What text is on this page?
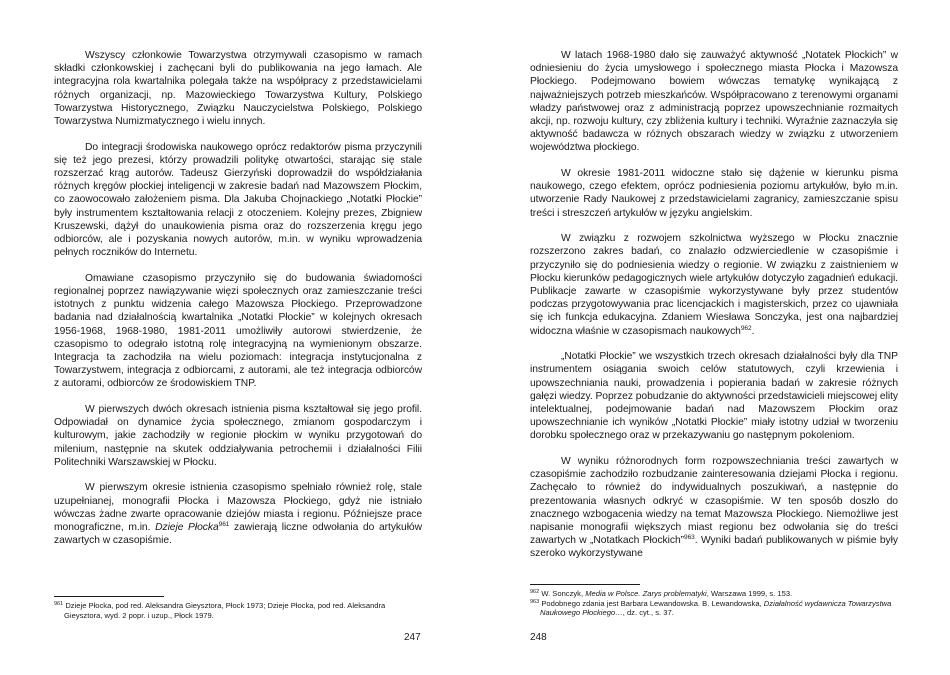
Wszyscy członkowie Towarzystwa otrzymywali czasopismo w ramach składki członkowskiej i zachęcani byli do publikowania na jego łamach. Ale integracyjna rola kwartalnika polegała także na współpracy z przedstawicielami różnych organizacji, np. Mazowieckiego Towarzystwa Kultury, Polskiego Towarzystwa Historycznego, Związku Nauczycielstwa Polskiego, Polskiego Towarzystwa Numizmatycznego i wielu innych.

Do integracji środowiska naukowego oprócz redaktorów pisma przyczynili się też jego prezesi, którzy prowadzili politykę otwartości, starając się stale rozszerzać krąg autorów. Tadeusz Gierzyński doprowadził do współdziałania różnych kręgów płockiej inteligencji w zakresie badań nad Mazowszem Płockim, co zaowocowało założeniem pisma. Dla Jakuba Chojnackiego „Notatki Płockie” były instrumentem kształtowania relacji z otoczeniem. Kolejny prezes, Zbigniew Kruszewski, dążył do unaukowienia pisma oraz do rozszerzenia kręgu jego odbiorców, ale i pozyskania nowych autorów, m.in. w wyniku wprowadzenia pełnych roczników do Internetu.

Omawiane czasopismo przyczyniło się do budowania świadomości regionalnej poprzez nawiązywanie więzi społecznych oraz zamieszczanie treści istotnych z punktu widzenia całego Mazowsza Płockiego. Przeprowadzone badania nad działalnością kwartalnika „Notatki Płockie” w kolejnych okresach 1956-1968, 1968-1980, 1981-2011 umożliwiły autorowi stwierdzenie, że czasopismo to odegrało istotną rolę integracyjną na wymienionym obszarze. Integracja ta zachodziła na wielu poziomach: integracja instytucjonalna z Towarzystwem, integracja z odbiorcami, z autorami, ale też integracja odbiorców z autorami, odbiorców ze środowiskiem TNP.

W pierwszych dwóch okresach istnienia pisma kształtował się jego profil. Odpowiadał on dynamice życia społecznego, zmianom gospodarczym i kulturowym, jakie zachodziły w regionie płockim w wyniku przygotowań do milenium, następnie na skutek oddziaływania petrochemii i działalności Filii Politechniki Warszawskiej w Płocku.

W pierwszym okresie istnienia czasopismo spełniało również rolę, stale uzupełnianej, monografii Płocka i Mazowsza Płockiego, gdyż nie istniało wówczas żadne zwarte opracowanie dziejów miasta i regionu. Późniejsze prace monograficzne, m.in. Dzieje Płocka$^{961}$ zawierają liczne odwołania do artykułów zawartych w czasopiśmie.

$^{961}$ Dzieje Płocka, pod red. Aleksandra Gieysztora, Płock 1973; Dzieje Płocka, pod red. Aleksandra Gieysztora, wyd. 2 popr. i uzup., Płock 1979.

247

W latach 1968-1980 dało się zauważyć aktywność „Notatek Płockich” w odniesieniu do życia umysłowego i społecznego miasta Płocka i Mazowsza Płockiego. Podejmowano bowiem wówczas tematykę wynikającą z najważniejszych potrzeb mieszkańców. Współpracowano z terenowymi organami władzy państwowej oraz z administracją poprzez upowszechnianie rozmaitych akcji, np. rozwoju kultury, czy zbliżenia kultury i techniki. Wyraźnie zaznaczyła się aktywność badawcza w różnych obszarach wiedzy w związku z utworzeniem województwa płockiego.

W okresie 1981-2011 widoczne stało się dążenie w kierunku pisma naukowego, czego efektem, oprócz podniesienia poziomu artykułów, było m.in. utworzenie Rady Naukowej z przedstawicielami zagranicy, zamieszczanie spisu treści i streszczeń artykułów w języku angielskim.

W związku z rozwojem szkolnictwa wyższego w Płocku znacznie rozszerzono zakres badań, co znalazło odzwierciedlenie w czasopiśmie i przyczyniło się do podniesienia wiedzy o regionie. W związku z zaistnieniem w Płocku kierunków pedagogicznych wiele artykułów dotyczyło zagadnień edukacji. Publikacje zawarte w czasopiśmie wykorzystywane były przez studentów podczas przygotowywania prac licencjackich i magisterskich, przez co ujawniała się ich funkcja edukacyjna. Zdaniem Wiesława Sonczyka, jest ona najbardziej widoczna właśnie w czasopismach naukowych$^{962}$.

„Notatki Płockie” we wszystkich trzech okresach działalności były dla TNP instrumentem osiągania swoich celów statutowych, czyli krzewienia i upowszechniania nauki, prowadzenia i popierania badań w zakresie różnych gałęzi wiedzy. Poprzez pobudzanie do aktywności przedstawicieli miejscowej elity intelektualnej, podejmowanie badań nad Mazowszem Płockim oraz upowszechnianie ich wyników „Notatki Płockie” miały istotny udział w tworzeniu dorobku społecznego oraz w przekazywaniu go następnym pokoleniom.

W wyniku różnorodnych form rozpowszechniania treści zawartych w czasopiśmie zachodziło rozbudzanie zainteresowania dziejami Płocka i regionu. Zachęcało to również do indywidualnych poszukiwań, a następnie do prezentowania własnych odkryć w czasopiśmie. W ten sposób doszło do znacznego wzbogacenia wiedzy na temat Mazowsza Płockiego. Niemożliwe jest napisanie monografii większych miast regionu bez odwołania się do treści zawartych w „Notatkach Płockich”$^{963}$. Wyniki badań publikowanych w piśmie były szeroko wykorzystywane

$^{962}$ W. Sonczyk, Media w Polsce. Zarys problematyki, Warszawa 1999, s. 153.

$^{963}$ Podobnego zdania jest Barbara Lewandowska. B. Lewandowska, Działalność wydawnicza Towarzystwa Naukowego Płockiego…, dz. cyt., s. 37.

248
